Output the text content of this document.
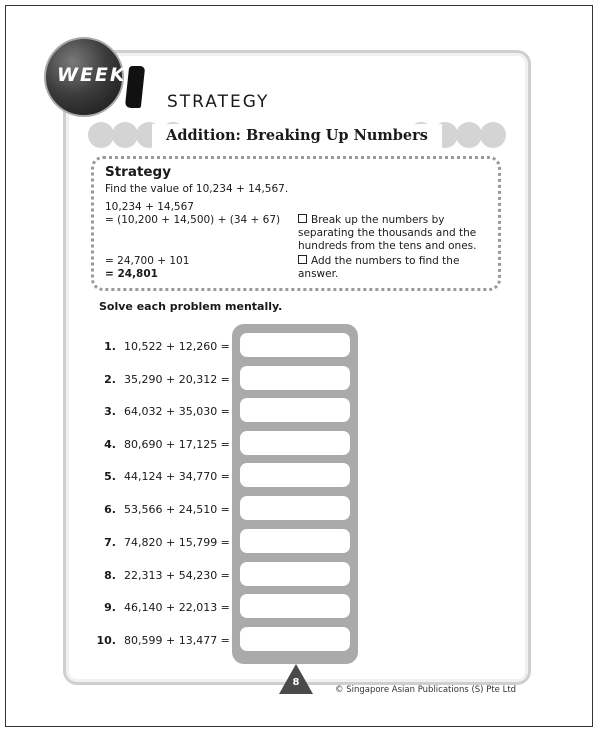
WEEK
STRATEGY
Addition: Breaking Up Numbers
Strategy
Find the value of 10,234 + 14,567.
10,234 + 14,567
= (10,200 + 14,500) + (34 + 67)
= 24,700 + 101
= 24,801
Break up the numbers by separating the thousands and the hundreds from the tens and ones.
Add the numbers to find the answer.
Solve each problem mentally.
1. 10,522 + 12,260 =
2. 35,290 + 20,312 =
3. 64,032 + 35,030 =
4. 80,690 + 17,125 =
5. 44,124 + 34,770 =
6. 53,566 + 24,510 =
7. 74,820 + 15,799 =
8. 22,313 + 54,230 =
9. 46,140 + 22,013 =
10. 80,599 + 13,477 =
8
© Singapore Asian Publications (S) Pte Ltd
